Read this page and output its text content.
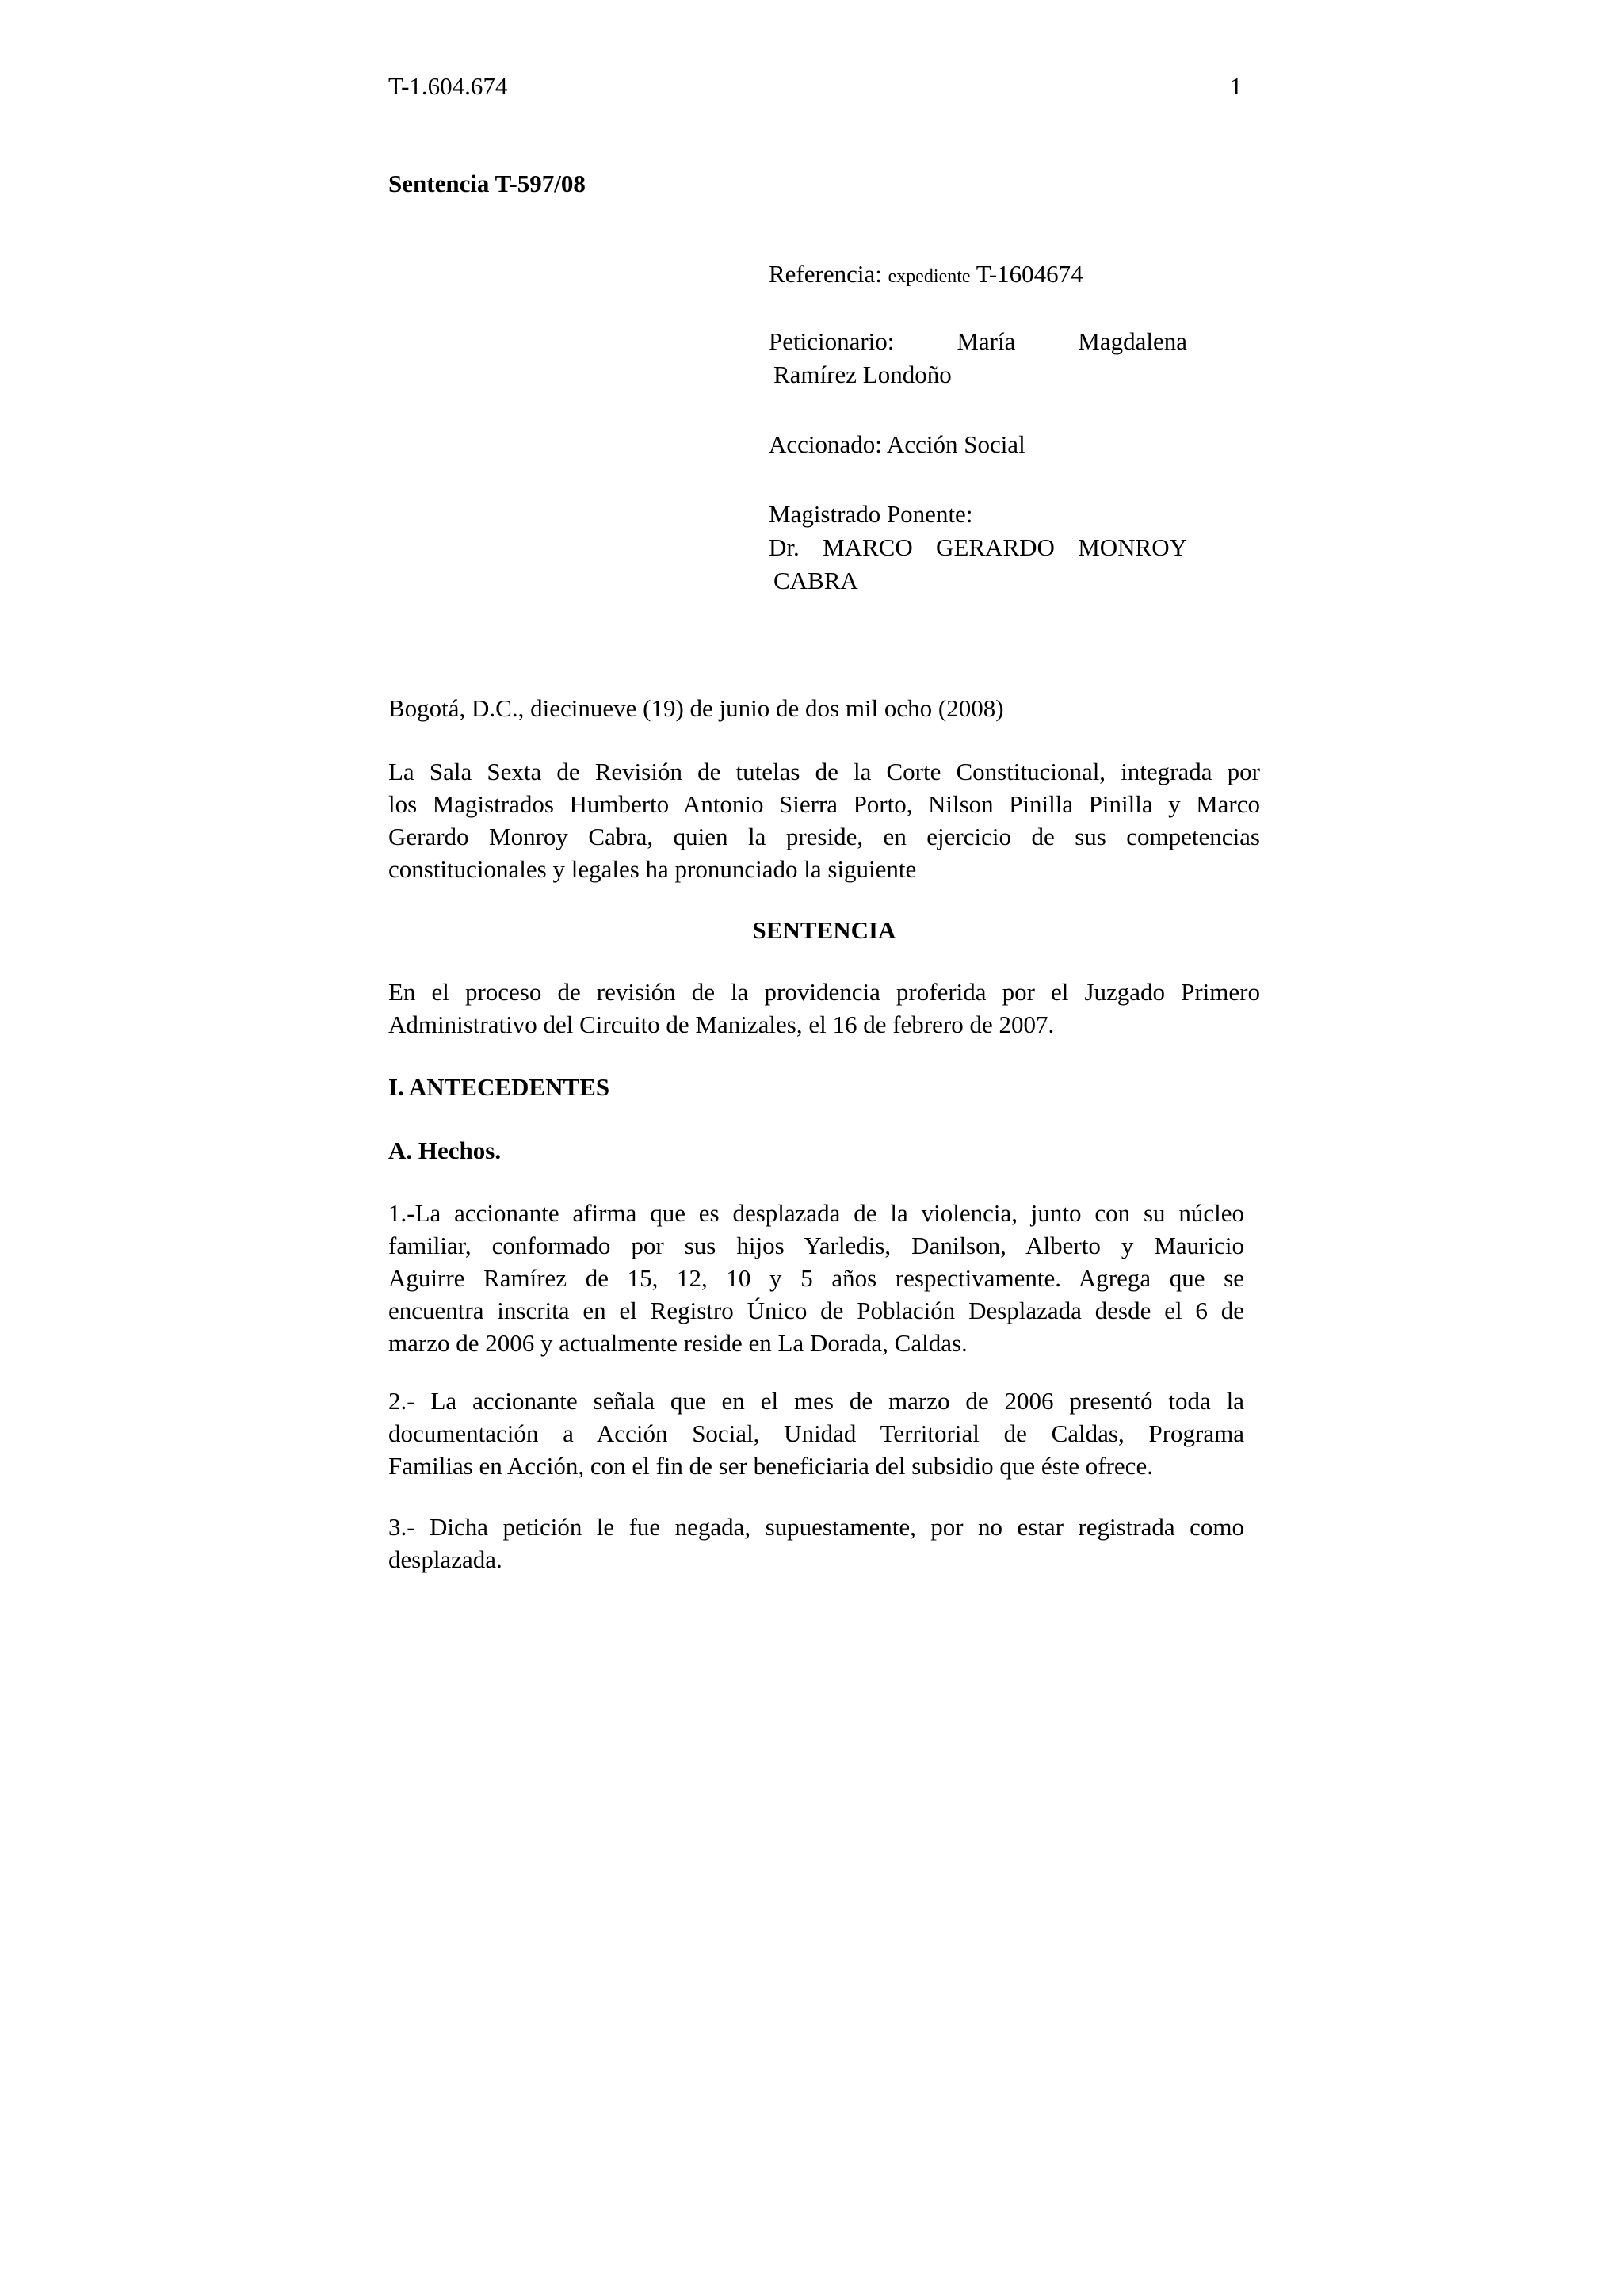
T-1.604.674	1
Sentencia T-597/08
Referencia: expediente T-1604674
Peticionario:	María	Magdalena
Ramírez Londoño
Accionado: Acción Social
Magistrado Ponente:
Dr. MARCO GERARDO MONROY
CABRA
Bogotá, D.C., diecinueve (19) de junio de dos mil ocho (2008)
La Sala Sexta de Revisión de tutelas de la Corte Constitucional, integrada por
los Magistrados Humberto Antonio Sierra Porto, Nilson Pinilla Pinilla y Marco
Gerardo Monroy Cabra, quien la preside, en ejercicio de sus competencias
constitucionales y legales ha pronunciado la siguiente
SENTENCIA
En el proceso de revisión de la providencia proferida por el Juzgado Primero
Administrativo del Circuito de Manizales, el 16 de febrero de 2007.
I. ANTECEDENTES
A. Hechos.
1.-La accionante afirma que es desplazada de la violencia, junto con su núcleo
familiar, conformado por sus hijos Yarledis, Danilson, Alberto y Mauricio
Aguirre Ramírez de 15, 12, 10 y 5 años respectivamente. Agrega que se
encuentra inscrita en el Registro Único de Población Desplazada desde el 6 de
marzo de 2006 y actualmente reside en La Dorada, Caldas.
2.- La accionante señala que en el mes de marzo de 2006 presentó toda la
documentación a Acción Social, Unidad Territorial de Caldas, Programa
Familias en Acción, con el fin de ser beneficiaria del subsidio que éste ofrece.
3.- Dicha petición le fue negada, supuestamente, por no estar registrada como
desplazada.
